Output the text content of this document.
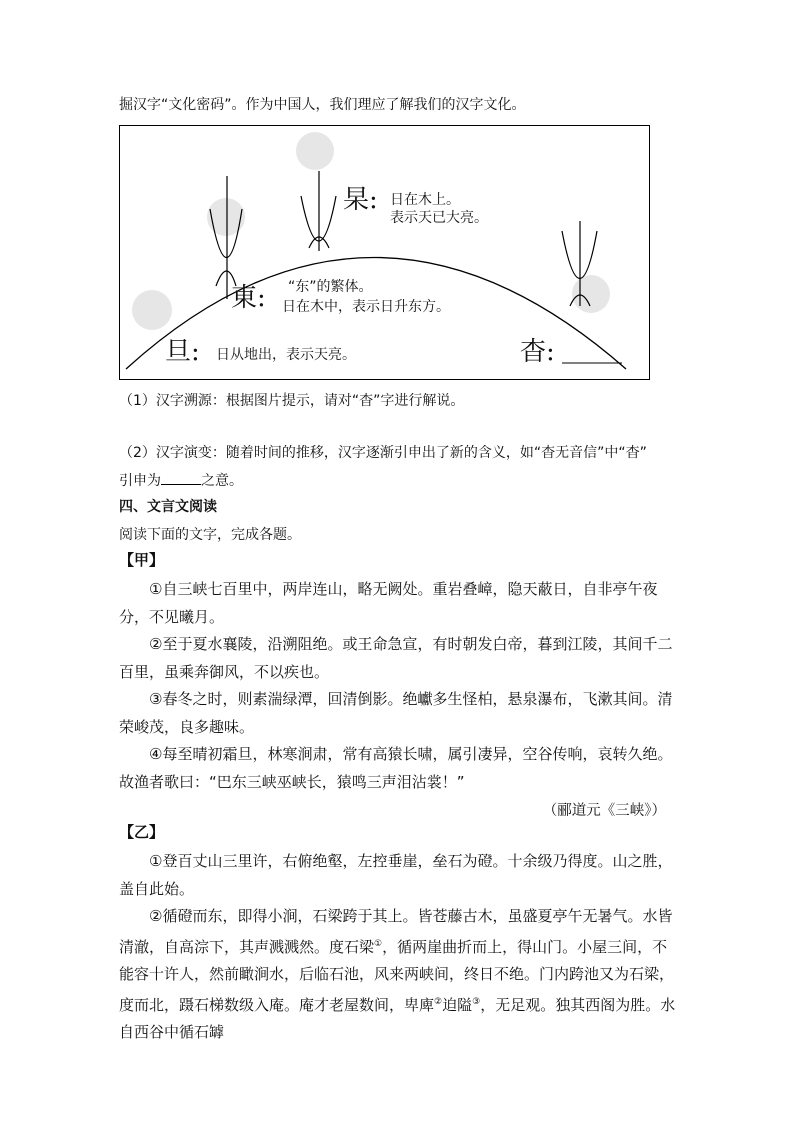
掘汉字“文化密码”。作为中国人，我们理应了解我们的汉字文化。
杲: 日在木上。
表示天已大亮。
東: “东”的繁体。
日在木中，表示日升东方。
旦: 日从地出，表示天亮。	杳:
（1）汉字溯源：根据图片提示，请对“杳”字进行解说。
（2）汉字演变：随着时间的推移，汉字逐渐引申出了新的含义，如“杳无音信”中“杳”
引申为	之意。
四、文言文阅读
阅读下面的文字，完成各题。
【甲】
①自三峡七百里中，两岸连山，略无阙处。重岩叠嶂，隐天蔽日，自非亭午夜分，不见曦月。
②至于夏水襄陵，沿溯阻绝。或王命急宣，有时朝发白帝，暮到江陵，其间千二百里，虽乘奔御风，不以疾也。
③春冬之时，则素湍绿潭，回清倒影。绝巘多生怪柏，悬泉瀑布，飞漱其间。清荣峻茂，良多趣味。
④每至晴初霜旦，林寒涧肃，常有高猿长啸，属引凄异，空谷传响，哀转久绝。故渔者歌曰：“巴东三峡巫峡长，猿鸣三声泪沾裳！”
（郦道元《三峡》）
【乙】
①登百丈山三里许，右俯绝壑，左控垂崖，垒石为磴。十余级乃得度。山之胜，盖自此始。
②循磴而东，即得小涧，石梁跨于其上。皆苍藤古木，虽盛夏亭午无暑气。水皆清澈，自高淙下，其声溅溅然。度石梁①，循两崖曲折而上，得山门。小屋三间，不能容十许人，然前瞰涧水，后临石池，风来两峡间，终日不绝。门内跨池又为石梁，度而北，蹑石梯数级入庵。庵才老屋数间，卑庳②迫隘③，无足观。独其西阁为胜。水自西谷中循石罅
